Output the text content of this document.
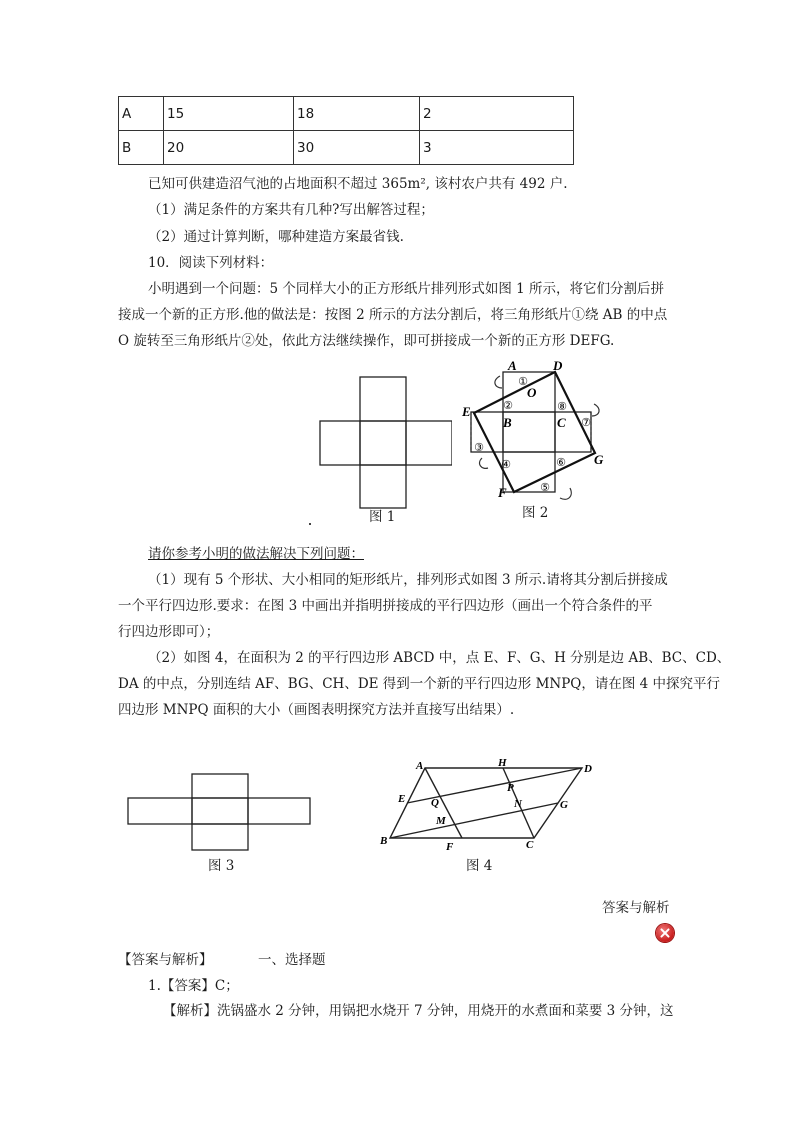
A	15	18	2
B	20	30	3
已知可供建造沼气池的占地面积不超过 365m², 该村农户共有 492 户.
（1）满足条件的方案共有几种?写出解答过程；
（2）通过计算判断，哪种建造方案最省钱.
10．阅读下列材料：
小明遇到一个问题：5 个同样大小的正方形纸片排列形式如图 1 所示，将它们分割后拼
接成一个新的正方形.他的做法是：按图 2 所示的方法分割后，将三角形纸片①绕 AB 的中点
O 旋转至三角形纸片②处，依此方法继续操作，即可拼接成一个新的正方形 DEFG.
图 1
①
②
③
④
⑤
⑥
⑦
⑧
A	D
O
E
B	C
G
F
图 2
请你参考小明的做法解决下列问题：
（1）现有 5 个形状、大小相同的矩形纸片，排列形式如图 3 所示.请将其分割后拼接成
一个平行四边形.要求：在图 3 中画出并指明拼接成的平行四边形（画出一个符合条件的平
行四边形即可）；
（2）如图 4，在面积为 2 的平行四边形 ABCD 中，点 E、F、G、H 分别是边 AB、BC、CD、
DA 的中点，分别连结 AF、BG、CH、DE 得到一个新的平行四边形 MNPQ，请在图 4 中探究平行
四边形 MNPQ 面积的大小（画图表明探究方法并直接写出结果）.
图 3
A	H	D
E
P
N
Q	G
M
B	F	C
图 4
答案与解析
【答案与解析】	一、选择题
1.【答案】C；
【解析】洗锅盛水 2 分钟，用锅把水烧开 7 分钟，用烧开的水煮面和菜要 3 分钟，这
